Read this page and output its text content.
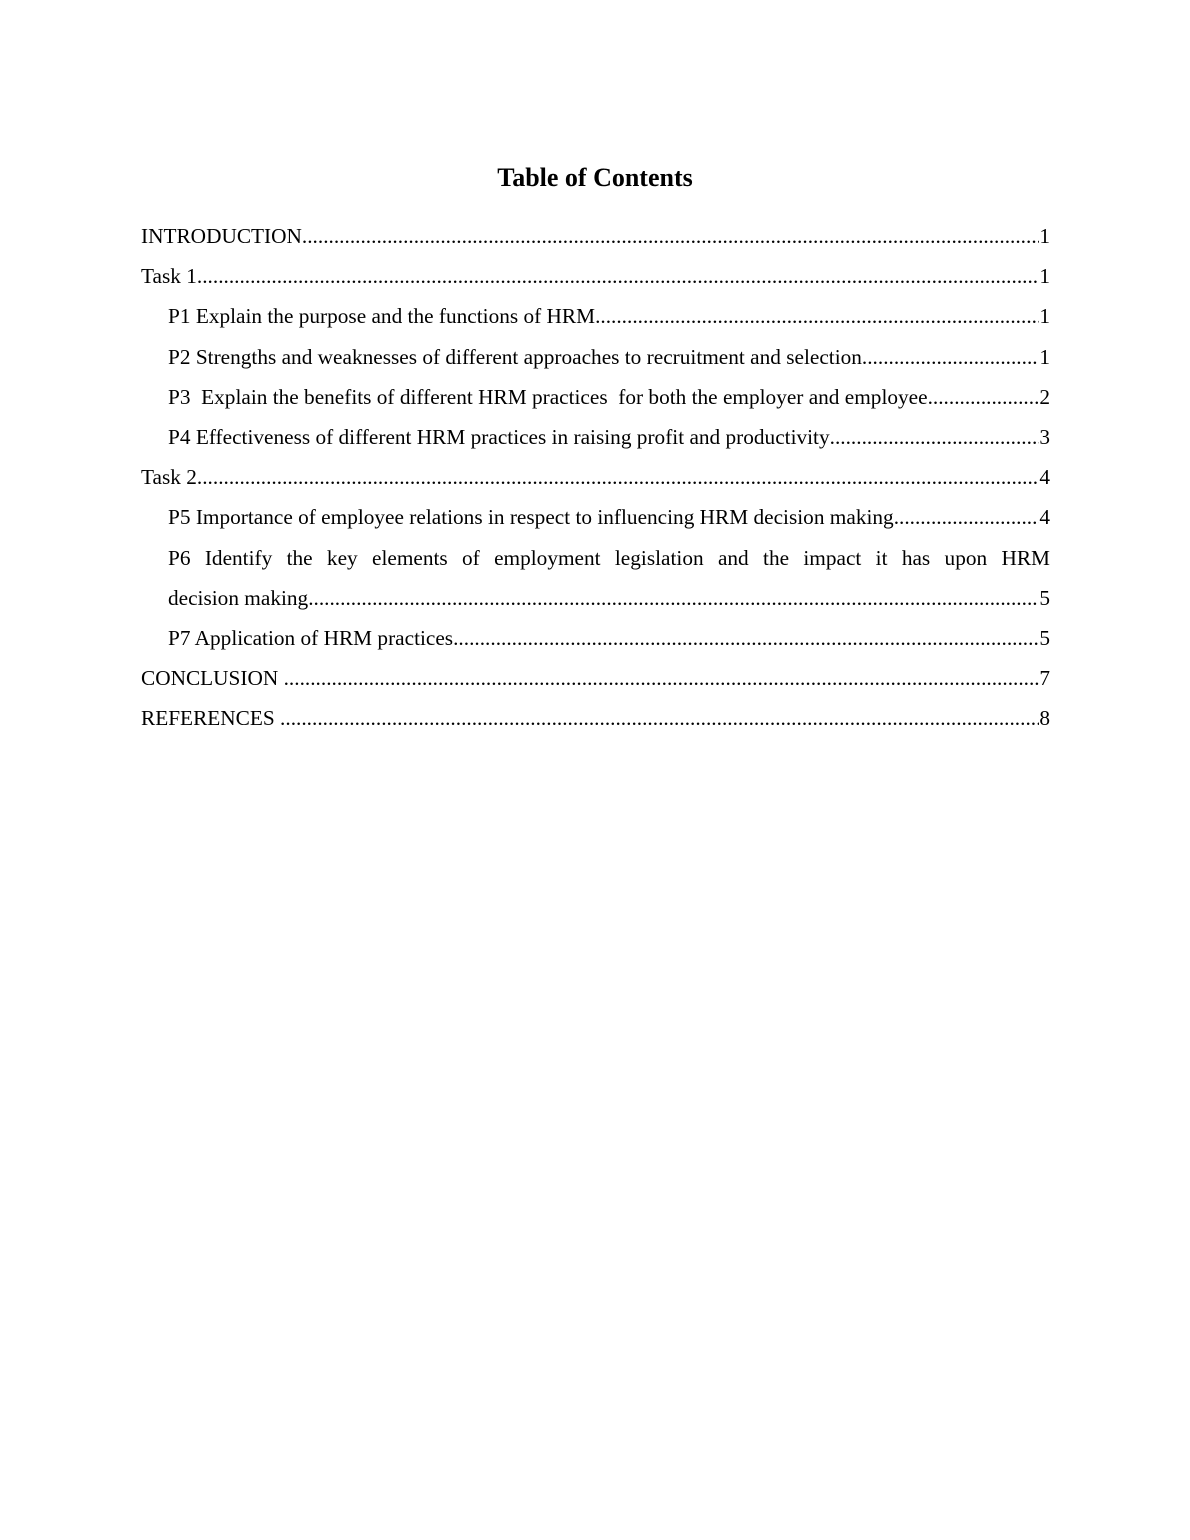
Table of Contents
INTRODUCTION .....	1
Task 1 .....	1
P1 Explain the purpose and the functions of HRM .....	1
P2 Strengths and weaknesses of different approaches to recruitment and selection .....	1
P3  Explain the benefits of different HRM practices  for both the employer and employee .....	2
P4 Effectiveness of different HRM practices in raising profit and productivity .....	3
Task 2 .....	4
P5 Importance of employee relations in respect to influencing HRM decision making .....	4
P6 Identify the key elements of employment legislation and the impact it has upon HRM
decision making .....	5
P7 Application of HRM practices .....	5
CONCLUSION .....	7
REFERENCES .....	8
